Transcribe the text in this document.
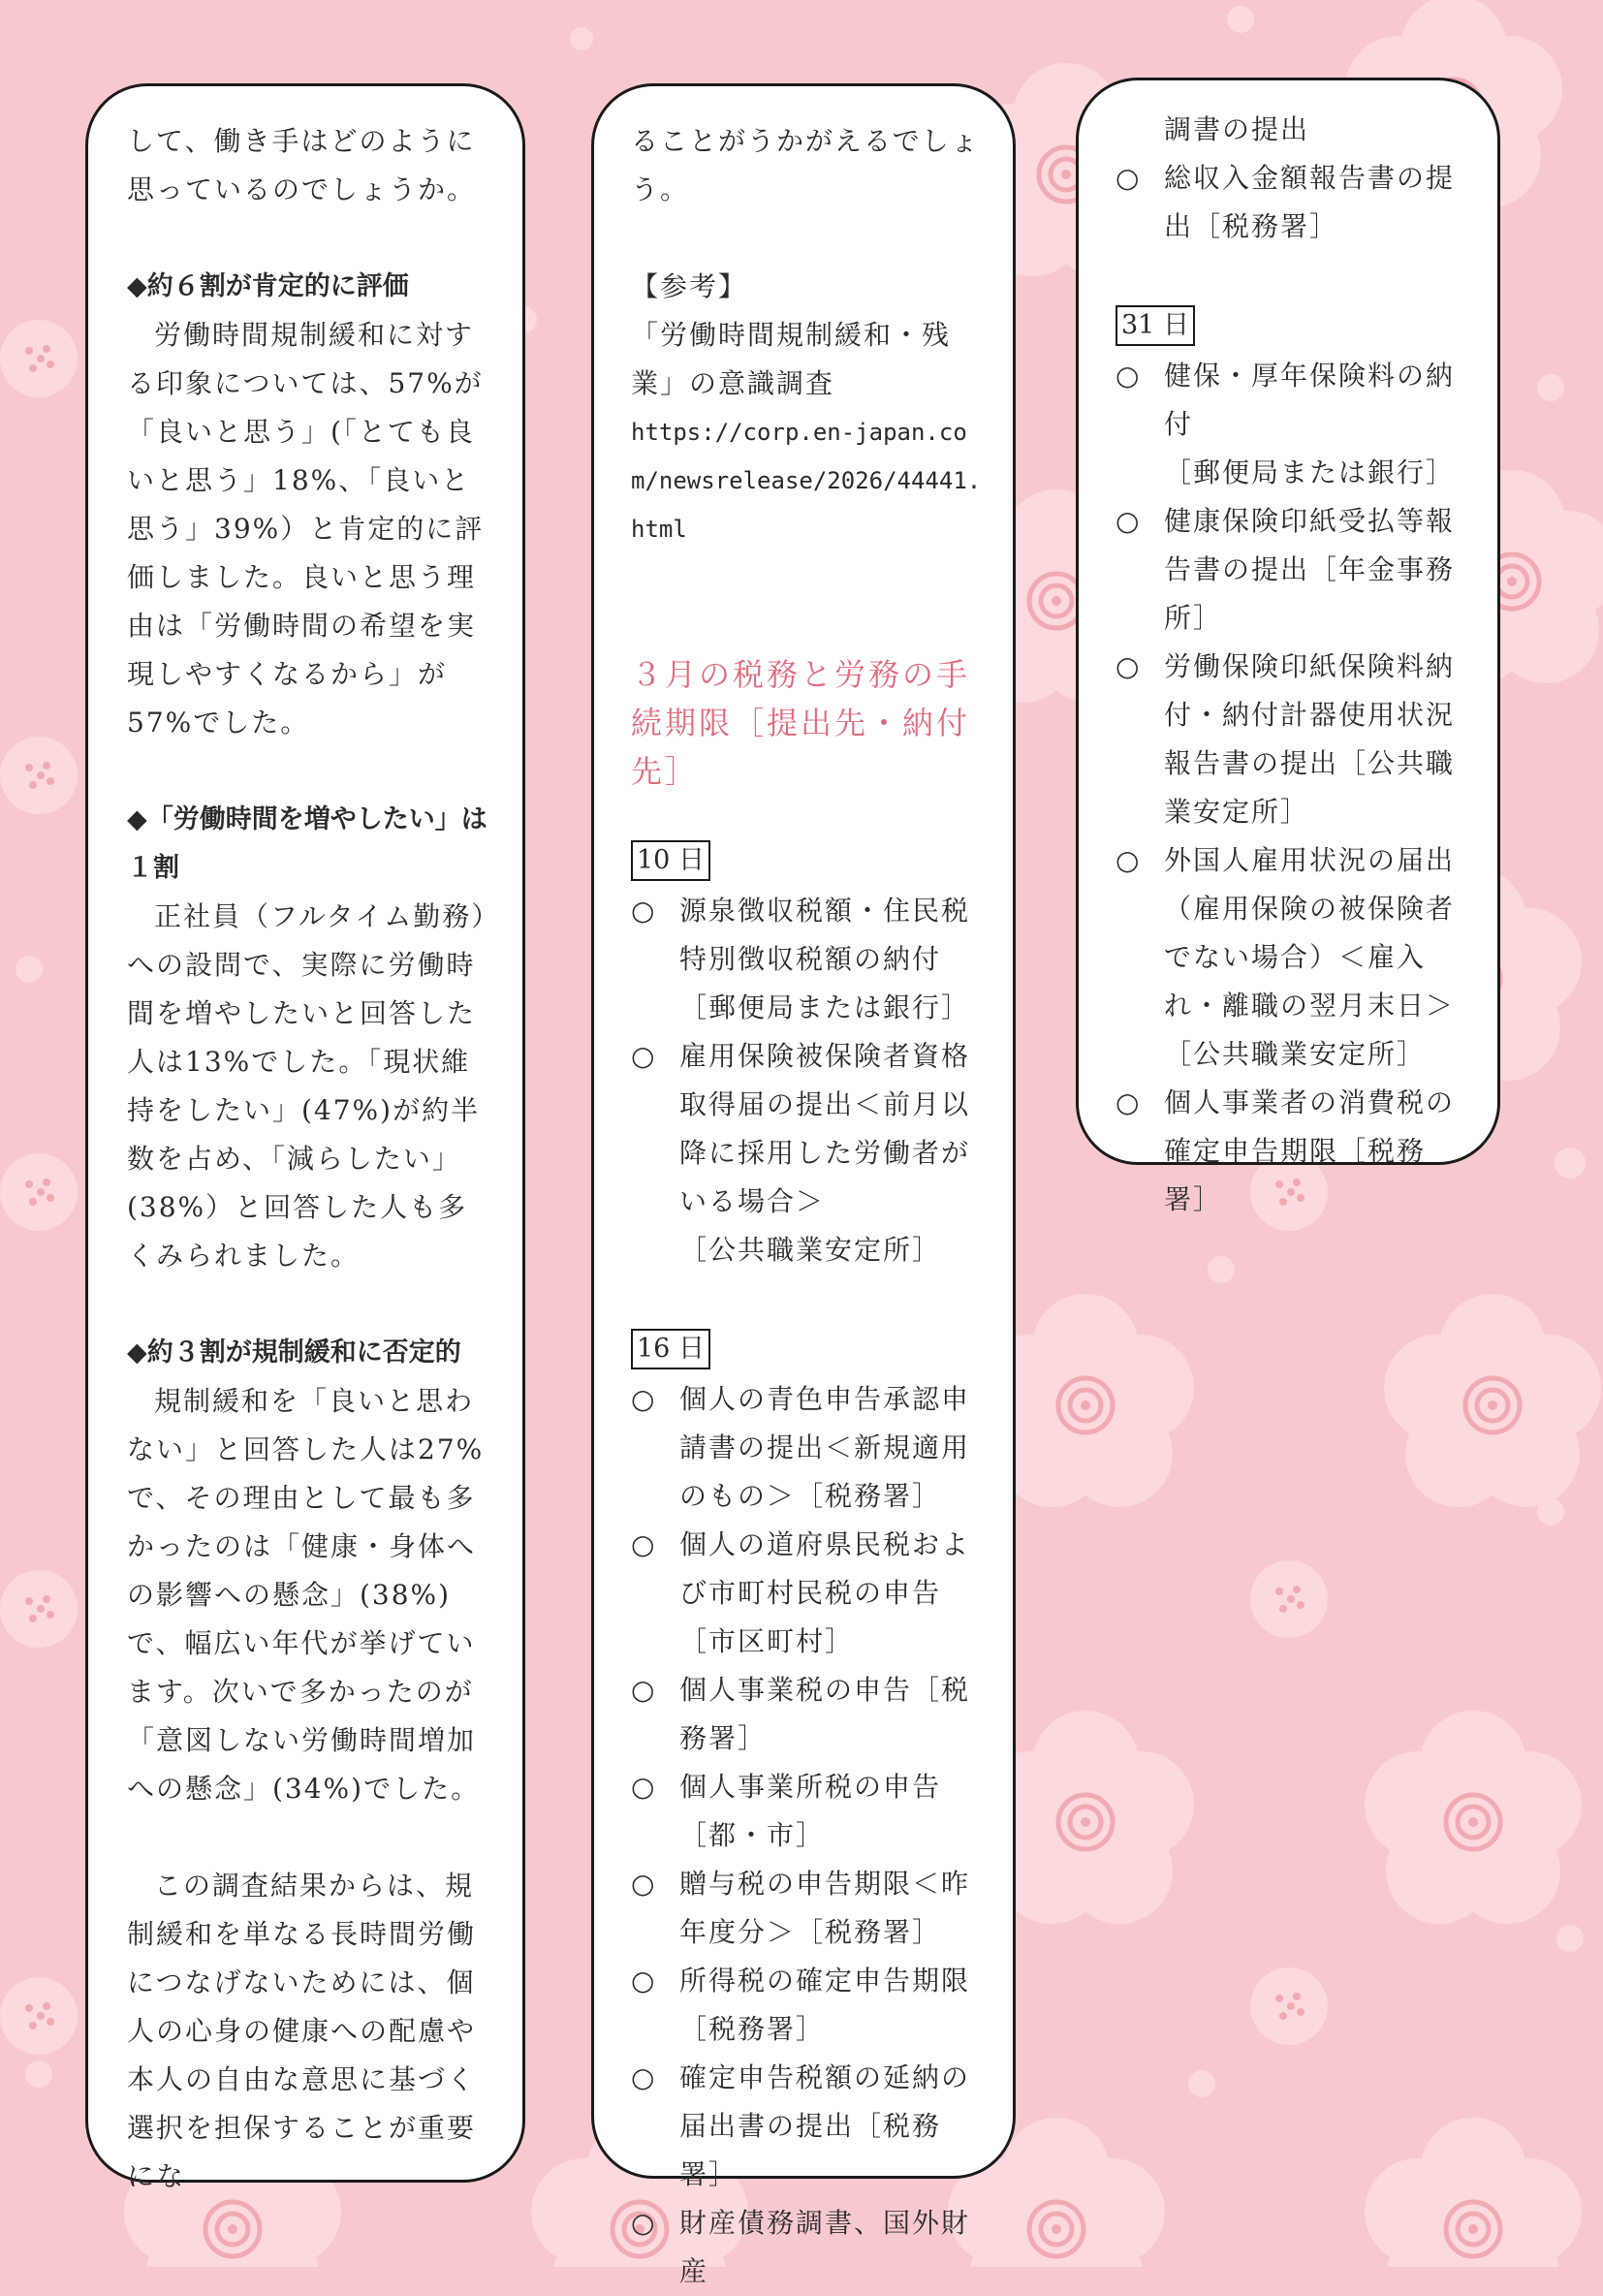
して、働き手はどのように思っているのでしょうか。

◆約６割が肯定的に評価

労働時間規制緩和に対する印象については、57%が「良いと思う」(「とても良いと思う」18%、「良いと思う」39%）と肯定的に評価しました。良いと思う理由は「労働時間の希望を実現しやすくなるから」が57%でした。

◆「労働時間を増やしたい」は１割

正社員（フルタイム勤務）への設問で、実際に労働時間を増やしたいと回答した人は13%でした。「現状維持をしたい」(47%)が約半数を占め、「減らしたい」(38%）と回答した人も多くみられました。

◆約３割が規制緩和に否定的

規制緩和を「良いと思わない」と回答した人は27%で、その理由として最も多かったのは「健康・身体への影響への懸念」(38%) で、幅広い年代が挙げています。次いで多かったのが「意図しない労働時間増加への懸念」(34%)でした。

この調査結果からは、規制緩和を単なる長時間労働につなげないためには、個人の心身の健康への配慮や本人の自由な意思に基づく選択を担保することが重要にな

ることがうかがえるでしょう。

【参考】

「労働時間規制緩和・残業」の意識調査

https://corp.en-japan.com/newsrelease/2026/44441.html

３月の税務と労務の手続期限［提出先・納付先］

10 日
○ 源泉徴収税額・住民税特別徴収税額の納付［郵便局または銀行］
○ 雇用保険被保険者資格取得届の提出＜前月以降に採用した労働者がいる場合＞

［公共職業安定所］

16 日
○ 個人の青色申告承認申請書の提出＜新規適用のもの＞［税務署］
○ 個人の道府県民税および市町村民税の申告［市区町村］
○ 個人事業税の申告［税務署］
○ 個人事業所税の申告

［都・市］

○ 贈与税の申告期限＜昨年度分＞［税務署］
○ 所得税の確定申告期限

［税務署］

○ 確定申告税額の延納の届出書の提出［税務署］
○ 財産債務調書、国外財産

調書の提出

○ 総収入金額報告書の提出［税務署］
31 日
○ 健保・厚年保険料の納付

［郵便局または銀行］

○ 健康保険印紙受払等報告書の提出［年金事務所］
○ 労働保険印紙保険料納付・納付計器使用状況報告書の提出［公共職業安定所］
○ 外国人雇用状況の届出（雇用保険の被保険者でない場合）＜雇入れ・離職の翌月末日＞

［公共職業安定所］

○ 個人事業者の消費税の確定申告期限［税務署］
